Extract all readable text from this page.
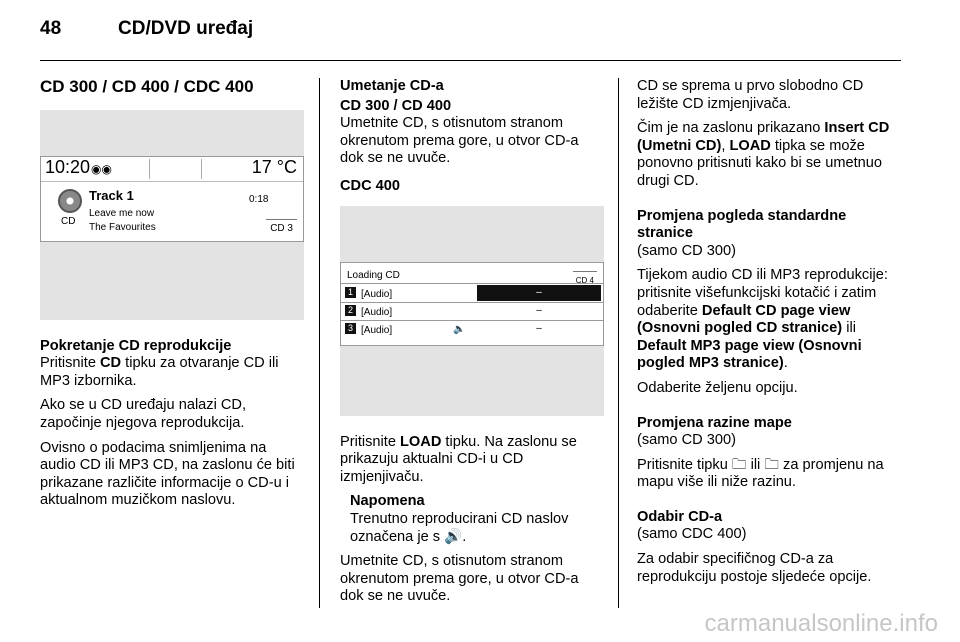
48	CD/DVD uređaj
CD 300 / CD 400 / CDC 400
10:20 ◉◉	17 °C
CD
Track 1
Leave me now
The Favourites
0:18
CD 3
Pokretanje CD reprodukcije

Pritisnite CD tipku za otvaranje CD ili MP3 izbornika.

Ako se u CD uređaju nalazi CD, započinje njegova reprodukcija.

Ovisno o podacima snimljenima na audio CD ili MP3 CD, na zaslonu će biti prikazane različite informacije o CD-u i aktualnom muzičkom naslovu.

Umetanje CD-a
CD 300 / CD 400

Umetnite CD, s otisnutom stranom okrenutom prema gore, u otvor CD-a dok se ne uvuče.

CDC 400
Loading CD	CD 4
1 [Audio]	–
2 [Audio]	–
3 [Audio]	🔈	–

Pritisnite LOAD tipku. Na zaslonu se prikazuju aktualni CD-i u CD izmjenjivaču.

Napomena
Trenutno reproducirani CD naslov označena je s 🔊.

Umetnite CD, s otisnutom stranom okrenutom prema gore, u otvor CD-a dok se ne uvuče.

CD se sprema u prvo slobodno CD ležište CD izmjenjivača.

Čim je na zaslonu prikazano Insert CD (Umetni CD), LOAD tipka se može ponovno pritisnuti kako bi se umetnuo drugi CD.

Promjena pogleda standardne stranice

(samo CD 300)

Tijekom audio CD ili MP3 reprodukcije: pritisnite višefunkcijski kotačić i zatim odaberite Default CD page view (Osnovni pogled CD stranice) ili Default MP3 page view (Osnovni pogled MP3 stranice).

Odaberite željenu opciju.

Promjena razine mape

(samo CD 300)

Pritisnite tipku 🗀 ili 🗀 za promjenu na mapu više ili niže razinu.

Odabir CD-a

(samo CDC 400)

Za odabir specifičnog CD-a za reprodukciju postoje sljedeće opcije.

carmanualsonline.info
